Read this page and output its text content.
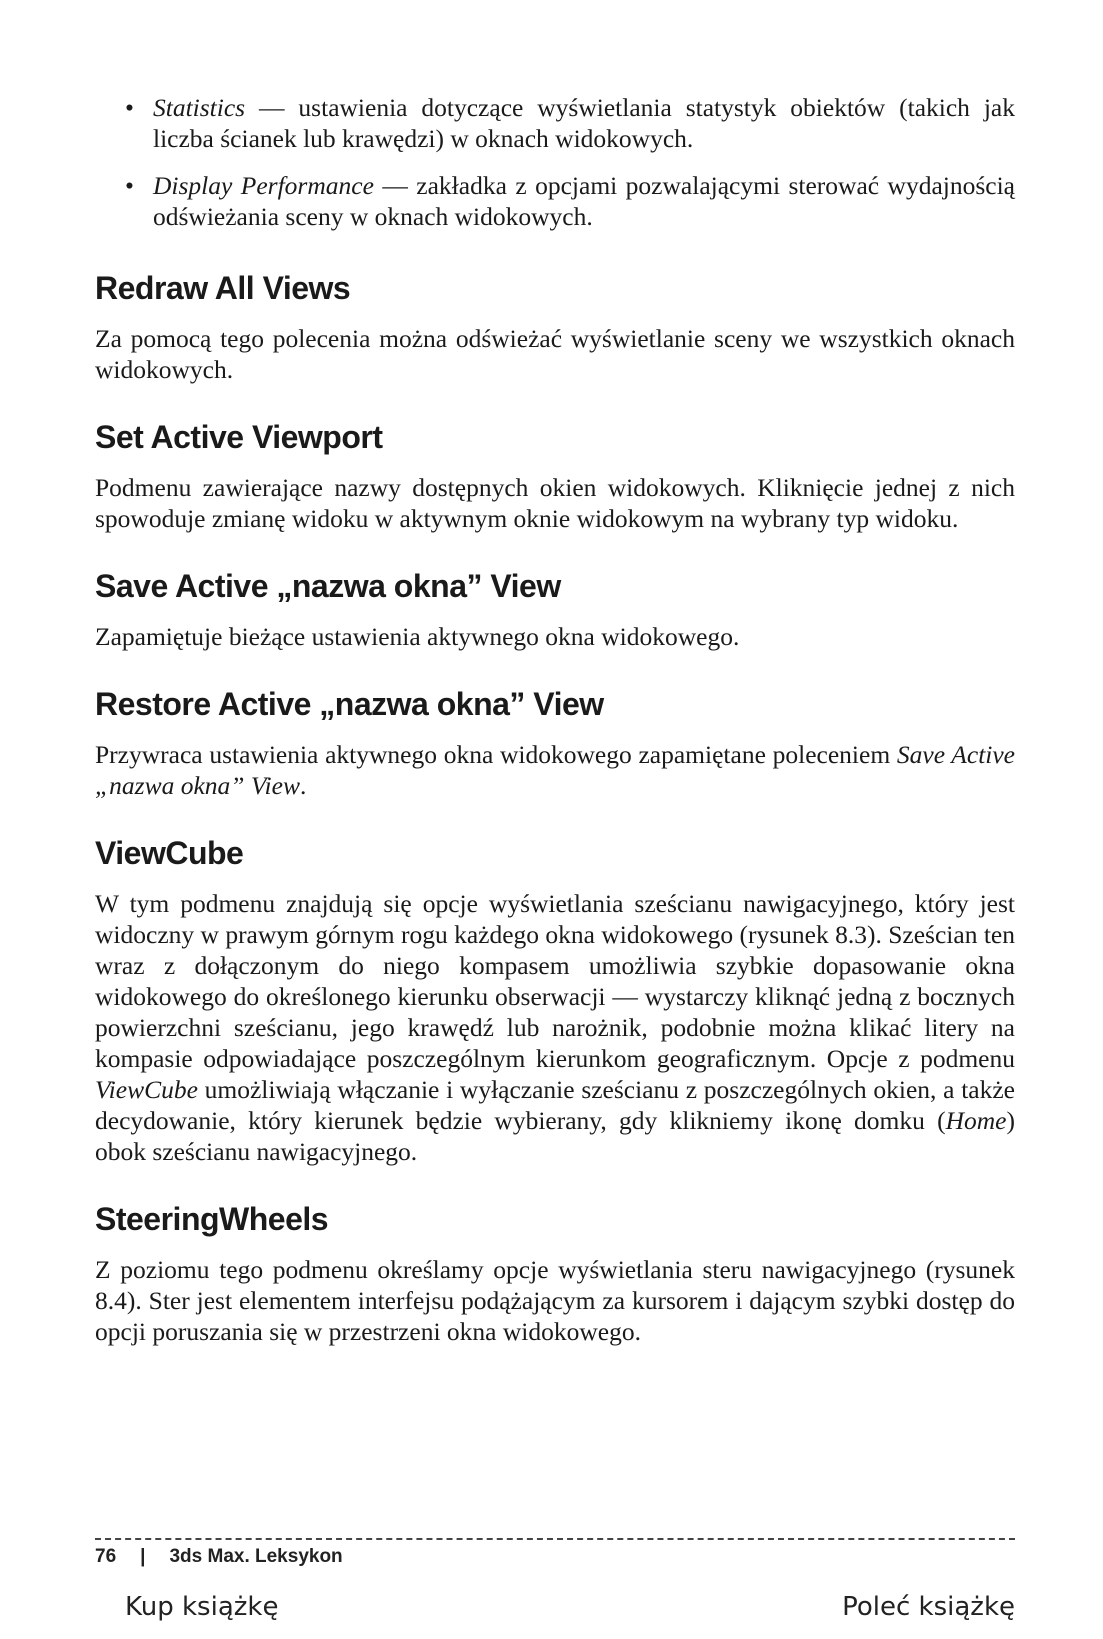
• Statistics — ustawienia dotyczące wyświetlania statystyk obiektów (takich jak liczba ścianek lub krawędzi) w oknach widokowych.
• Display Performance — zakładka z opcjami pozwalającymi sterować wydajnością odświeżania sceny w oknach widokowych.
Redraw All Views

Za pomocą tego polecenia można odświeżać wyświetlanie sceny we wszystkich oknach widokowych.

Set Active Viewport

Podmenu zawierające nazwy dostępnych okien widokowych. Kliknięcie jednej z nich spowoduje zmianę widoku w aktywnym oknie widokowym na wybrany typ widoku.

Save Active „nazwa okna” View

Zapamiętuje bieżące ustawienia aktywnego okna widokowego.

Restore Active „nazwa okna” View

Przywraca ustawienia aktywnego okna widokowego zapamiętane poleceniem Save Active „nazwa okna” View.

ViewCube

W tym podmenu znajdują się opcje wyświetlania sześcianu nawigacyjnego, który jest widoczny w prawym górnym rogu każdego okna widokowego (rysunek 8.3). Sześcian ten wraz z dołączonym do niego kompasem umożliwia szybkie dopasowanie okna widokowego do określonego kierunku obserwacji — wystarczy kliknąć jedną z bocznych powierzchni sześcianu, jego krawędź lub narożnik, podobnie można klikać litery na kompasie odpowiadające poszczególnym kierunkom geograficznym. Opcje z podmenu ViewCube umożliwiają włączanie i wyłączanie sześcianu z poszczególnych okien, a także decydowanie, który kierunek będzie wybierany, gdy klikniemy ikonę domku (Home) obok sześcianu nawigacyjnego.

SteeringWheels

Z poziomu tego podmenu określamy opcje wyświetlania steru nawigacyjnego (rysunek 8.4). Ster jest elementem interfejsu podążającym za kursorem i dającym szybki dostęp do opcji poruszania się w przestrzeni okna widokowego.

76 | 3ds Max. Leksykon
Kup książkę	Poleć książkę
